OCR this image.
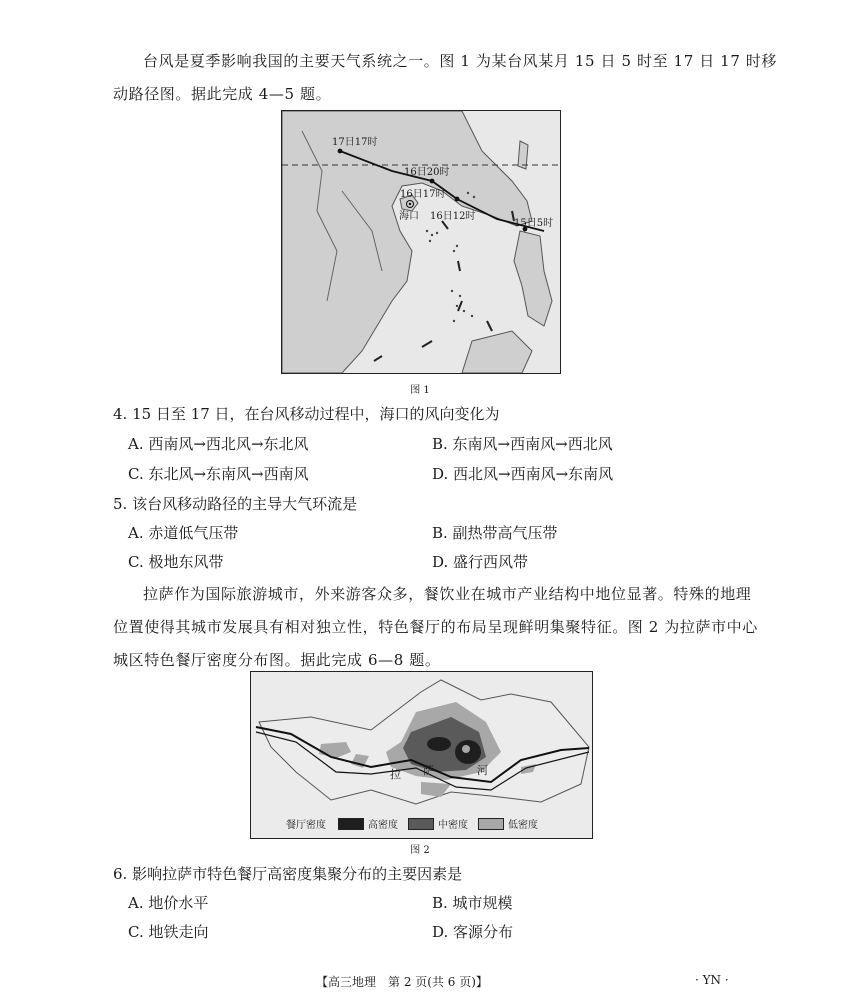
台风是夏季影响我国的主要天气系统之一。图 1 为某台风某月 15 日 5 时至 17 日 17 时移
动路径图。据此完成 4—5 题。
17日17时
16日20时
16日17时
海口 16日12时
15日5时
图 1
4. 15 日至 17 日，在台风移动过程中，海口的风向变化为
A. 西南风→西北风→东北风	B. 东南风→西南风→西北风
C. 东北风→东南风→西南风	D. 西北风→西南风→东南风
5. 该台风移动路径的主导大气环流是
A. 赤道低气压带	B. 副热带高气压带
C. 极地东风带	D. 盛行西风带
拉萨作为国际旅游城市，外来游客众多，餐饮业在城市产业结构中地位显著。特殊的地理
位置使得其城市发展具有相对独立性，特色餐厅的布局呈现鲜明集聚特征。图 2 为拉萨市中心
城区特色餐厅密度分布图。据此完成 6—8 题。
拉 萨	河
餐厅密度	高密度	中密度	低密度
图 2
6. 影响拉萨市特色餐厅高密度集聚分布的主要因素是
A. 地价水平	B. 城市规模
C. 地铁走向	D. 客源分布
【高三地理　第 2 页(共 6 页)】	· YN ·
